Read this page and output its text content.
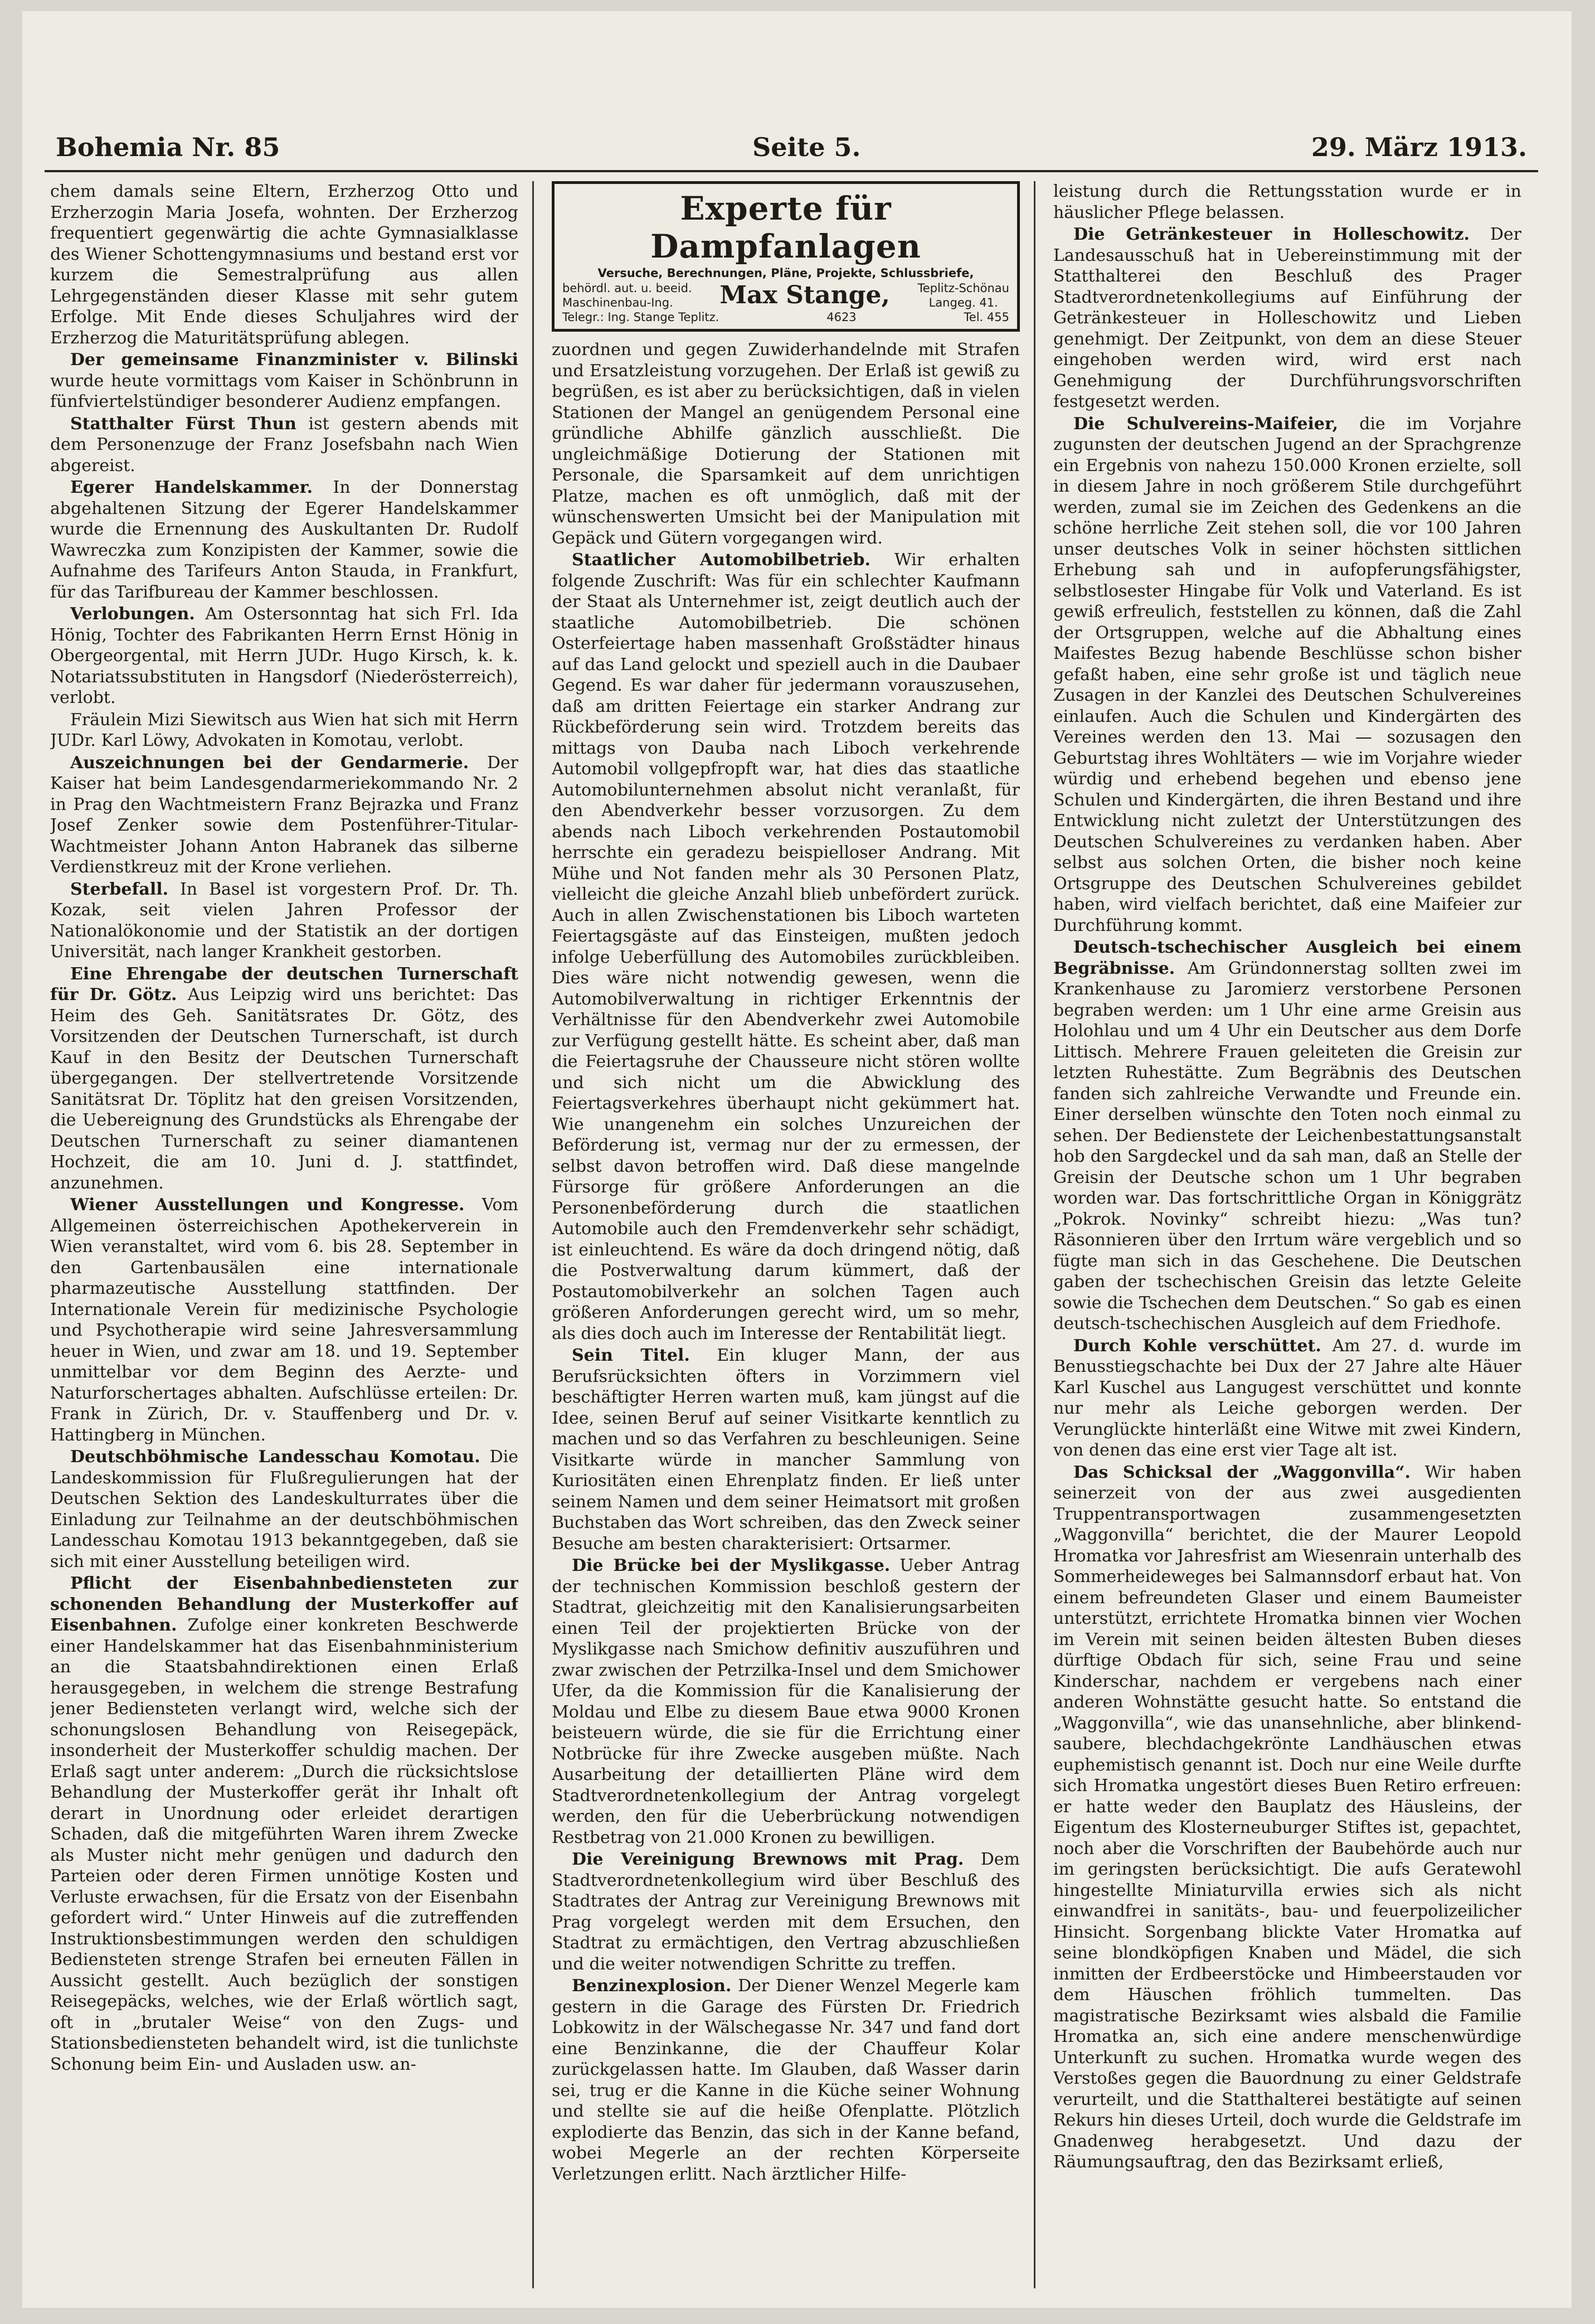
Bohemia Nr. 85	Seite 5.	29. März 1913.

chem damals seine Eltern, Erzherzog Otto und Erzherzogin Maria Josefa, wohnten. Der Erzherzog frequentiert gegenwärtig die achte Gymnasialklasse des Wiener Schottengymnasiums und bestand erst vor kurzem die Semestralprüfung aus allen Lehrgegenständen dieser Klasse mit sehr gutem Erfolge. Mit Ende dieses Schuljahres wird der Erzherzog die Maturitätsprüfung ablegen.

Der gemeinsame Finanzminister v. Bilinski wurde heute vormittags vom Kaiser in Schönbrunn in fünfviertelstündiger besonderer Audienz empfangen.

Statthalter Fürst Thun ist gestern abends mit dem Personenzuge der Franz Josefsbahn nach Wien abgereist.

Egerer Handelskammer. In der Donnerstag abgehaltenen Sitzung der Egerer Handelskammer wurde die Ernennung des Auskultanten Dr. Rudolf Wawreczka zum Konzipisten der Kammer, sowie die Aufnahme des Tarifeurs Anton Stauda, in Frankfurt, für das Tarifbureau der Kammer beschlossen.

Verlobungen. Am Ostersonntag hat sich Frl. Ida Hönig, Tochter des Fabrikanten Herrn Ernst Hönig in Obergeorgental, mit Herrn JUDr. Hugo Kirsch, k. k. Notariatssubstituten in Hangsdorf (Niederösterreich), verlobt.

Fräulein Mizi Siewitsch aus Wien hat sich mit Herrn JUDr. Karl Löwy, Advokaten in Komotau, verlobt.

Auszeichnungen bei der Gendarmerie. Der Kaiser hat beim Landesgendarmeriekommando Nr. 2 in Prag den Wachtmeistern Franz Bejrazka und Franz Josef Zenker sowie dem Postenführer-Titular-Wachtmeister Johann Anton Habranek das silberne Verdienstkreuz mit der Krone verliehen.

Sterbefall. In Basel ist vorgestern Prof. Dr. Th. Kozak, seit vielen Jahren Professor der Nationalökonomie und der Statistik an der dortigen Universität, nach langer Krankheit gestorben.

Eine Ehrengabe der deutschen Turnerschaft für Dr. Götz. Aus Leipzig wird uns berichtet: Das Heim des Geh. Sanitätsrates Dr. Götz, des Vorsitzenden der Deutschen Turnerschaft, ist durch Kauf in den Besitz der Deutschen Turnerschaft übergegangen. Der stellvertretende Vorsitzende Sanitätsrat Dr. Töplitz hat den greisen Vorsitzenden, die Uebereignung des Grundstücks als Ehrengabe der Deutschen Turnerschaft zu seiner diamantenen Hochzeit, die am 10. Juni d. J. stattfindet, anzunehmen.

Wiener Ausstellungen und Kongresse. Vom Allgemeinen österreichischen Apothekerverein in Wien veranstaltet, wird vom 6. bis 28. September in den Gartenbausälen eine internationale pharmazeutische Ausstellung stattfinden. Der Internationale Verein für medizinische Psychologie und Psychotherapie wird seine Jahresversammlung heuer in Wien, und zwar am 18. und 19. September unmittelbar vor dem Beginn des Aerzte- und Naturforschertages abhalten. Aufschlüsse erteilen: Dr. Frank in Zürich, Dr. v. Stauffenberg und Dr. v. Hattingberg in München.

Deutschböhmische Landesschau Komotau. Die Landeskommission für Flußregulierungen hat der Deutschen Sektion des Landeskulturrates über die Einladung zur Teilnahme an der deutschböhmischen Landesschau Komotau 1913 bekanntgegeben, daß sie sich mit einer Ausstellung beteiligen wird.

Pflicht der Eisenbahnbediensteten zur schonenden Behandlung der Musterkoffer auf Eisenbahnen. Zufolge einer konkreten Beschwerde einer Handelskammer hat das Eisenbahnministerium an die Staatsbahndirektionen einen Erlaß herausgegeben, in welchem die strenge Bestrafung jener Bediensteten verlangt wird, welche sich der schonungslosen Behandlung von Reisegepäck, insonderheit der Musterkoffer schuldig machen. Der Erlaß sagt unter anderem: „Durch die rücksichtslose Behandlung der Musterkoffer gerät ihr Inhalt oft derart in Unordnung oder erleidet derartigen Schaden, daß die mitgeführten Waren ihrem Zwecke als Muster nicht mehr genügen und dadurch den Parteien oder deren Firmen unnötige Kosten und Verluste erwachsen, für die Ersatz von der Eisenbahn gefordert wird.“ Unter Hinweis auf die zutreffenden Instruktionsbestimmungen werden den schuldigen Bediensteten strenge Strafen bei erneuten Fällen in Aussicht gestellt. Auch bezüglich der sonstigen Reisegepäcks, welches, wie der Erlaß wörtlich sagt, oft in „brutaler Weise“ von den Zugs- und Stationsbediensteten behandelt wird, ist die tunlichste Schonung beim Ein- und Ausladen usw. an-

Experte für Dampfanlagen
Versuche, Berechnungen, Pläne, Projekte, Schlussbriefe,
behördl. aut. u. beeid.
Maschinenbau-Ing.	Max Stange, Teplitz-Schönau
Langeg. 41.
Telegr.: Ing. Stange Teplitz.	4623	Tel. 455

zuordnen und gegen Zuwiderhandelnde mit Strafen und Ersatzleistung vorzugehen. Der Erlaß ist gewiß zu begrüßen, es ist aber zu berücksichtigen, daß in vielen Stationen der Mangel an genügendem Personal eine gründliche Abhilfe gänzlich ausschließt. Die ungleichmäßige Dotierung der Stationen mit Personale, die Sparsamkeit auf dem unrichtigen Platze, machen es oft unmöglich, daß mit der wünschenswerten Umsicht bei der Manipulation mit Gepäck und Gütern vorgegangen wird.

Staatlicher Automobilbetrieb. Wir erhalten folgende Zuschrift: Was für ein schlechter Kaufmann der Staat als Unternehmer ist, zeigt deutlich auch der staatliche Automobilbetrieb. Die schönen Osterfeiertage haben massenhaft Großstädter hinaus auf das Land gelockt und speziell auch in die Daubaer Gegend. Es war daher für jedermann vorauszusehen, daß am dritten Feiertage ein starker Andrang zur Rückbeförderung sein wird. Trotzdem bereits das mittags von Dauba nach Liboch verkehrende Automobil vollgepfropft war, hat dies das staatliche Automobilunternehmen absolut nicht veranlaßt, für den Abendverkehr besser vorzusorgen. Zu dem abends nach Liboch verkehrenden Postautomobil herrschte ein geradezu beispielloser Andrang. Mit Mühe und Not fanden mehr als 30 Personen Platz, vielleicht die gleiche Anzahl blieb unbefördert zurück. Auch in allen Zwischenstationen bis Liboch warteten Feiertagsgäste auf das Einsteigen, mußten jedoch infolge Ueberfüllung des Automobiles zurückbleiben. Dies wäre nicht notwendig gewesen, wenn die Automobilverwaltung in richtiger Erkenntnis der Verhältnisse für den Abendverkehr zwei Automobile zur Verfügung gestellt hätte. Es scheint aber, daß man die Feiertagsruhe der Chausseure nicht stören wollte und sich nicht um die Abwicklung des Feiertagsverkehres überhaupt nicht gekümmert hat. Wie unangenehm ein solches Unzureichen der Beförderung ist, vermag nur der zu ermessen, der selbst davon betroffen wird. Daß diese mangelnde Fürsorge für größere Anforderungen an die Personenbeförderung durch die staatlichen Automobile auch den Fremdenverkehr sehr schädigt, ist einleuchtend. Es wäre da doch dringend nötig, daß die Postverwaltung darum kümmert, daß der Postautomobilverkehr an solchen Tagen auch größeren Anforderungen gerecht wird, um so mehr, als dies doch auch im Interesse der Rentabilität liegt.

Sein Titel. Ein kluger Mann, der aus Berufsrücksichten öfters in Vorzimmern viel beschäftigter Herren warten muß, kam jüngst auf die Idee, seinen Beruf auf seiner Visitkarte kenntlich zu machen und so das Verfahren zu beschleunigen. Seine Visitkarte würde in mancher Sammlung von Kuriositäten einen Ehrenplatz finden. Er ließ unter seinem Namen und dem seiner Heimatsort mit großen Buchstaben das Wort schreiben, das den Zweck seiner Besuche am besten charakterisiert: Ortsarmer.

Die Brücke bei der Myslikgasse. Ueber Antrag der technischen Kommission beschloß gestern der Stadtrat, gleichzeitig mit den Kanalisierungsarbeiten einen Teil der projektierten Brücke von der Myslikgasse nach Smichow definitiv auszuführen und zwar zwischen der Petrzilka-Insel und dem Smichower Ufer, da die Kommission für die Kanalisierung der Moldau und Elbe zu diesem Baue etwa 9000 Kronen beisteuern würde, die sie für die Errichtung einer Notbrücke für ihre Zwecke ausgeben müßte. Nach Ausarbeitung der detaillierten Pläne wird dem Stadtverordnetenkollegium der Antrag vorgelegt werden, den für die Ueberbrückung notwendigen Restbetrag von 21.000 Kronen zu bewilligen.

Die Vereinigung Brewnows mit Prag. Dem Stadtverordnetenkollegium wird über Beschluß des Stadtrates der Antrag zur Vereinigung Brewnows mit Prag vorgelegt werden mit dem Ersuchen, den Stadtrat zu ermächtigen, den Vertrag abzuschließen und die weiter notwendigen Schritte zu treffen.

Benzinexplosion. Der Diener Wenzel Megerle kam gestern in die Garage des Fürsten Dr. Friedrich Lobkowitz in der Wälschegasse Nr. 347 und fand dort eine Benzinkanne, die der Chauffeur Kolar zurückgelassen hatte. Im Glauben, daß Wasser darin sei, trug er die Kanne in die Küche seiner Wohnung und stellte sie auf die heiße Ofenplatte. Plötzlich explodierte das Benzin, das sich in der Kanne befand, wobei Megerle an der rechten Körperseite Verletzungen erlitt. Nach ärztlicher Hilfe-

leistung durch die Rettungsstation wurde er in häuslicher Pflege belassen.

Die Getränkesteuer in Holleschowitz. Der Landesausschuß hat in Uebereinstimmung mit der Statthalterei den Beschluß des Prager Stadtverordnetenkollegiums auf Einführung der Getränkesteuer in Holleschowitz und Lieben genehmigt. Der Zeitpunkt, von dem an diese Steuer eingehoben werden wird, wird erst nach Genehmigung der Durchführungsvorschriften festgesetzt werden.

Die Schulvereins-Maifeier, die im Vorjahre zugunsten der deutschen Jugend an der Sprachgrenze ein Ergebnis von nahezu 150.000 Kronen erzielte, soll in diesem Jahre in noch größerem Stile durchgeführt werden, zumal sie im Zeichen des Gedenkens an die schöne herrliche Zeit stehen soll, die vor 100 Jahren unser deutsches Volk in seiner höchsten sittlichen Erhebung sah und in aufopferungsfähigster, selbstlosester Hingabe für Volk und Vaterland. Es ist gewiß erfreulich, feststellen zu können, daß die Zahl der Ortsgruppen, welche auf die Abhaltung eines Maifestes Bezug habende Beschlüsse schon bisher gefaßt haben, eine sehr große ist und täglich neue Zusagen in der Kanzlei des Deutschen Schulvereines einlaufen. Auch die Schulen und Kindergärten des Vereines werden den 13. Mai — sozusagen den Geburtstag ihres Wohltäters — wie im Vorjahre wieder würdig und erhebend begehen und ebenso jene Schulen und Kindergärten, die ihren Bestand und ihre Entwicklung nicht zuletzt der Unterstützungen des Deutschen Schulvereines zu verdanken haben. Aber selbst aus solchen Orten, die bisher noch keine Ortsgruppe des Deutschen Schulvereines gebildet haben, wird vielfach berichtet, daß eine Maifeier zur Durchführung kommt.

Deutsch-tschechischer Ausgleich bei einem Begräbnisse. Am Gründonnerstag sollten zwei im Krankenhause zu Jaromierz verstorbene Personen begraben werden: um 1 Uhr eine arme Greisin aus Holohlau und um 4 Uhr ein Deutscher aus dem Dorfe Littisch. Mehrere Frauen geleiteten die Greisin zur letzten Ruhestätte. Zum Begräbnis des Deutschen fanden sich zahlreiche Verwandte und Freunde ein. Einer derselben wünschte den Toten noch einmal zu sehen. Der Bedienstete der Leichenbestattungsanstalt hob den Sargdeckel und da sah man, daß an Stelle der Greisin der Deutsche schon um 1 Uhr begraben worden war. Das fortschrittliche Organ in Königgrätz „Pokrok. Novinky“ schreibt hiezu: „Was tun? Räsonnieren über den Irrtum wäre vergeblich und so fügte man sich in das Geschehene. Die Deutschen gaben der tschechischen Greisin das letzte Geleite sowie die Tschechen dem Deutschen.“ So gab es einen deutsch-tschechischen Ausgleich auf dem Friedhofe.

Durch Kohle verschüttet. Am 27. d. wurde im Benusstiegschachte bei Dux der 27 Jahre alte Häuer Karl Kuschel aus Langugest verschüttet und konnte nur mehr als Leiche geborgen werden. Der Verunglückte hinterläßt eine Witwe mit zwei Kindern, von denen das eine erst vier Tage alt ist.

Das Schicksal der „Waggonvilla“. Wir haben seinerzeit von der aus zwei ausgedienten Truppentransportwagen zusammengesetzten „Waggonvilla“ berichtet, die der Maurer Leopold Hromatka vor Jahresfrist am Wiesenrain unterhalb des Sommerheideweges bei Salmannsdorf erbaut hat. Von einem befreundeten Glaser und einem Baumeister unterstützt, errichtete Hromatka binnen vier Wochen im Verein mit seinen beiden ältesten Buben dieses dürftige Obdach für sich, seine Frau und seine Kinderschar, nachdem er vergebens nach einer anderen Wohnstätte gesucht hatte. So entstand die „Waggonvilla“, wie das unansehnliche, aber blinkend-saubere, blechdachgekrönte Landhäuschen etwas euphemistisch genannt ist. Doch nur eine Weile durfte sich Hromatka ungestört dieses Buen Retiro erfreuen: er hatte weder den Bauplatz des Häusleins, der Eigentum des Klosterneuburger Stiftes ist, gepachtet, noch aber die Vorschriften der Baubehörde auch nur im geringsten berücksichtigt. Die aufs Geratewohl hingestellte Miniaturvilla erwies sich als nicht einwandfrei in sanitäts-, bau- und feuerpolizeilicher Hinsicht. Sorgenbang blickte Vater Hromatka auf seine blondköpfigen Knaben und Mädel, die sich inmitten der Erdbeerstöcke und Himbeerstauden vor dem Häuschen fröhlich tummelten. Das magistratische Bezirksamt wies alsbald die Familie Hromatka an, sich eine andere menschenwürdige Unterkunft zu suchen. Hromatka wurde wegen des Verstoßes gegen die Bauordnung zu einer Geldstrafe verurteilt, und die Statthalterei bestätigte auf seinen Rekurs hin dieses Urteil, doch wurde die Geldstrafe im Gnadenweg herabgesetzt. Und dazu der Räumungsauftrag, den das Bezirksamt erließ,
